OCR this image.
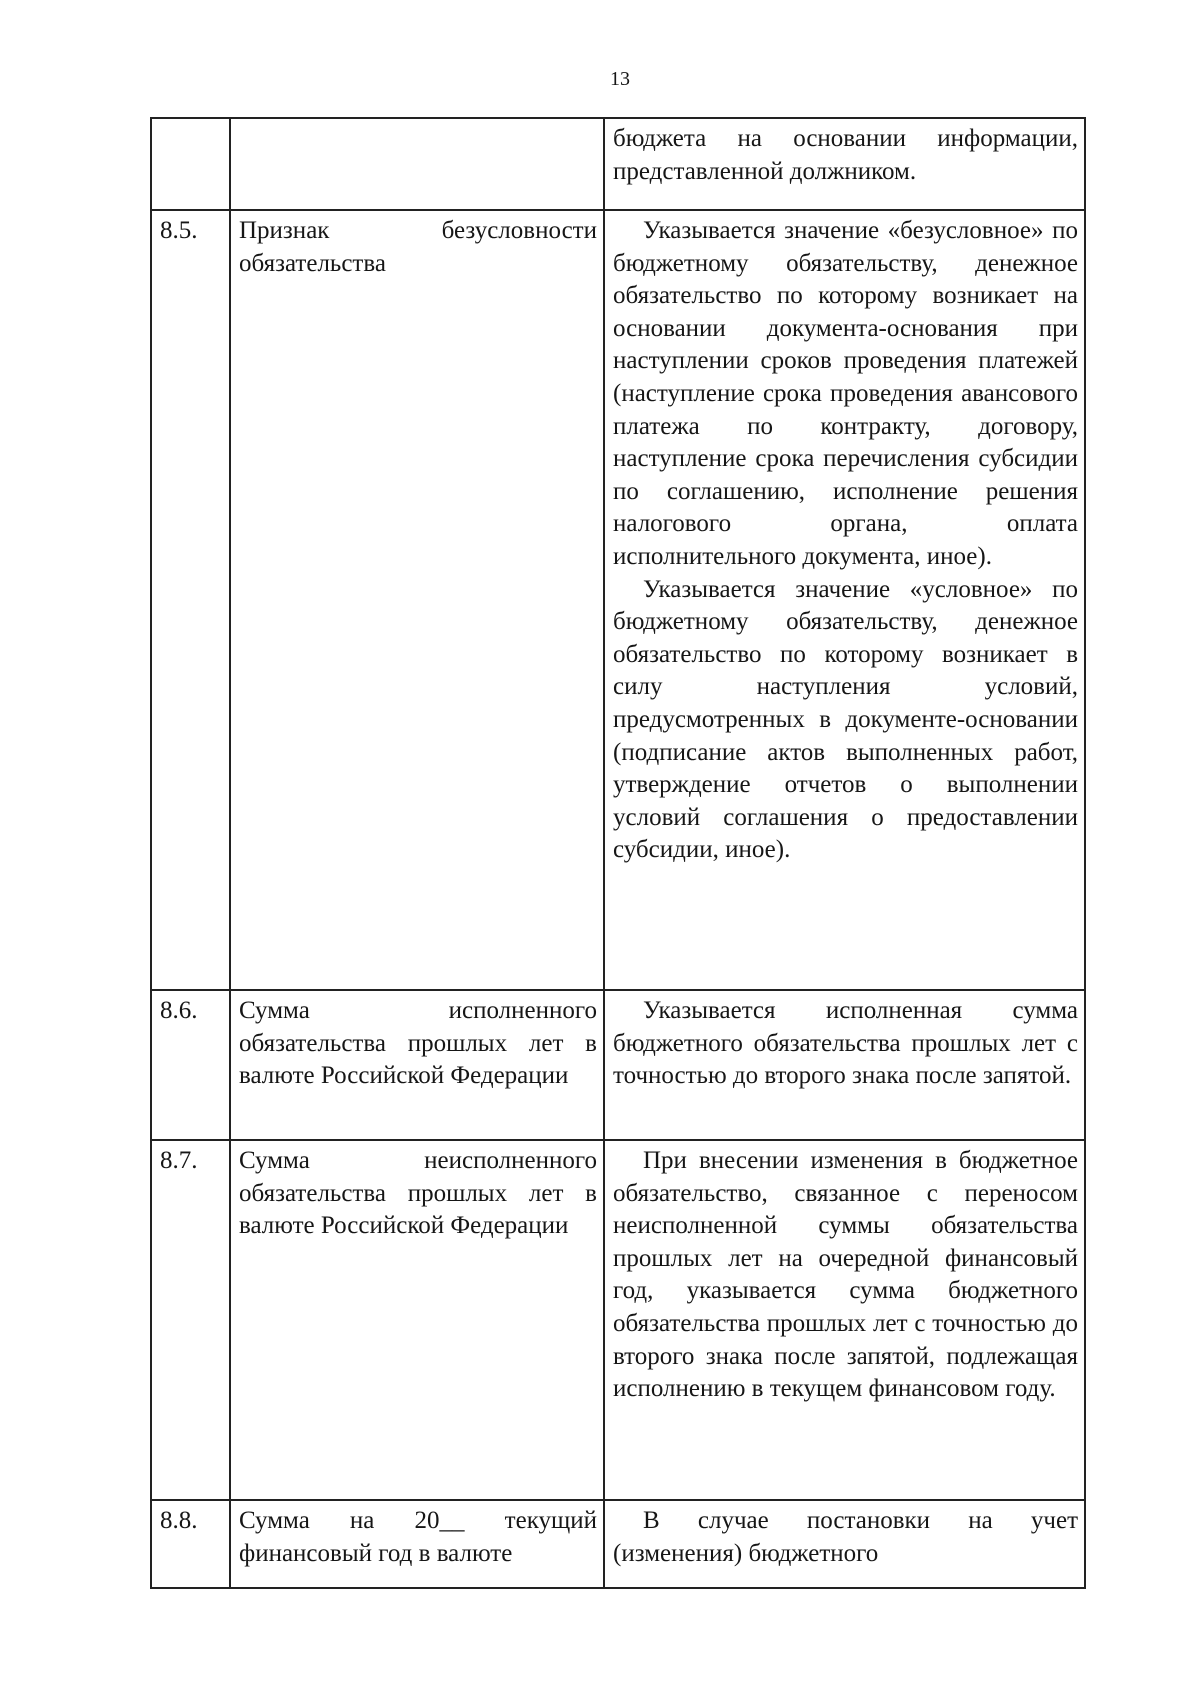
13

		бюджета на основании информации, представленной должником.

8.5.	Признак безусловности обязательства	Указывается значение «безусловное» по бюджетному обязательству, денежное обязательство по которому возникает на основании документа-основания при наступлении сроков проведения платежей (наступление срока проведения авансового платежа по контракту, договору, наступление срока перечисления субсидии по соглашению, исполнение решения налогового органа, оплата исполнительного документа, иное).

Указывается значение «условное» по бюджетному обязательству, денежное обязательство по которому возникает в силу наступления условий, предусмотренных в документе-основании (подписание актов выполненных работ, утверждение отчетов о выполнении условий соглашения о предоставлении субсидии, иное).

8.6.	Сумма исполненного обязательства прошлых лет в валюте Российской Федерации	Указывается исполненная сумма бюджетного обязательства прошлых лет с точностью до второго знака после запятой.

8.7.	Сумма неисполненного обязательства прошлых лет в валюте Российской Федерации	При внесении изменения в бюджетное обязательство, связанное с переносом неисполненной суммы обязательства прошлых лет на очередной финансовый год, указывается сумма бюджетного обязательства прошлых лет с точностью до второго знака после запятой, подлежащая исполнению в текущем финансовом году.

8.8.	Сумма на 20__ текущий финансовый год в валюте	В случае постановки на учет (изменения) бюджетного
